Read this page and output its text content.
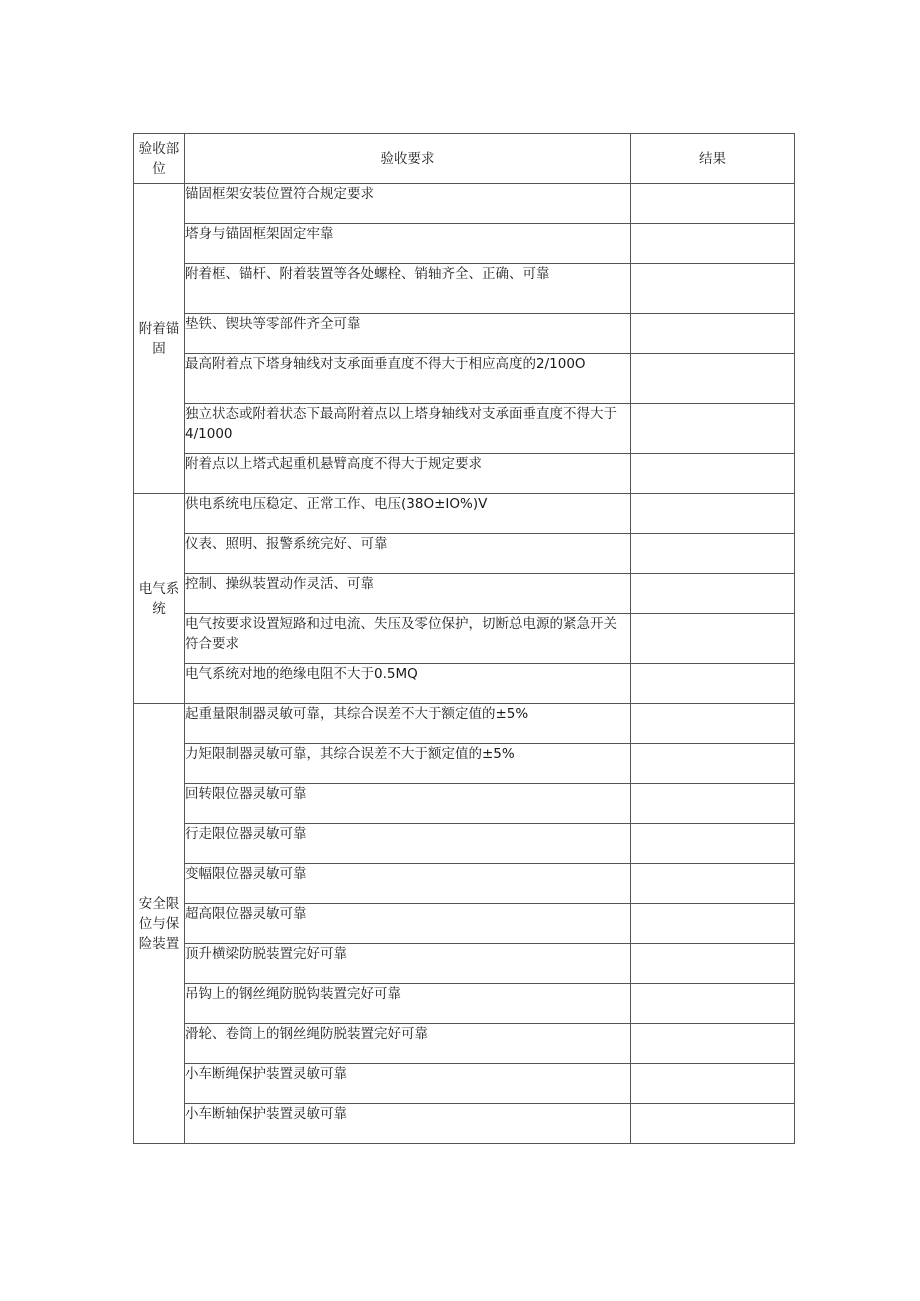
验收部位	验收要求	结果
附着锚固	锚固框架安装位置符合规定要求	
	塔身与锚固框架固定牢靠	
	附着框、锚杆、附着装置等各处螺栓、销轴齐全、正确、可靠	
	垫铁、锲块等零部件齐全可靠	
	最高附着点下塔身轴线对支承面垂直度不得大于相应高度的2/100O	
	独立状态或附着状态下最高附着点以上塔身轴线对支承面垂直度不得大于4/1000	
	附着点以上塔式起重机悬臂高度不得大于规定要求	
电气系统	供电系统电压稳定、正常工作、电压(38O±IO%)V	
	仪表、照明、报警系统完好、可靠	
	控制、操纵装置动作灵活、可靠	
	电气按要求设置短路和过电流、失压及零位保护，切断总电源的紧急开关符合要求	
	电气系统对地的绝缘电阻不大于0.5MQ	
安全限位与保险装置	起重量限制器灵敏可靠，其综合误差不大于额定值的±5%	
	力矩限制器灵敏可靠，其综合误差不大于额定值的±5%	
	回转限位器灵敏可靠	
	行走限位器灵敏可靠	
	变幅限位器灵敏可靠	
	超高限位器灵敏可靠	
	顶升横梁防脱装置完好可靠	
	吊钩上的钢丝绳防脱钩装置完好可靠	
	滑轮、卷筒上的钢丝绳防脱装置完好可靠	
	小车断绳保护装置灵敏可靠	
	小车断轴保护装置灵敏可靠	
